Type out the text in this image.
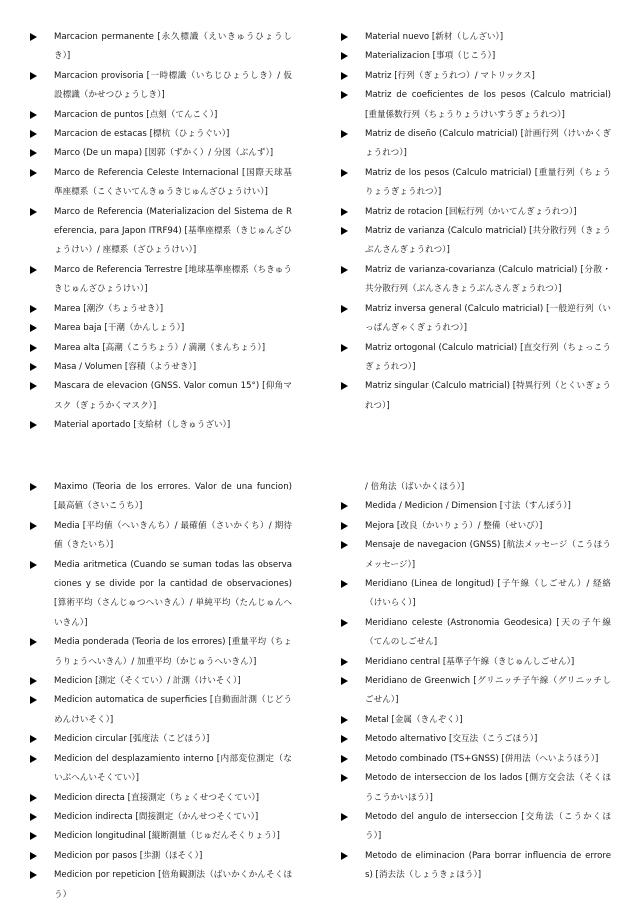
Marcacion permanente [永久標識（えいきゅうひょうしき）]
Marcacion provisoria [一時標識（いちじひょうしき）/ 仮設標識（かせつひょうしき）]
Marcacion de puntos [点刻（てんこく）]
Marcacion de estacas [標杭（ひょうぐい）]
Marco (De un mapa) [図郭（ずかく）/ 分図（ぶんず）]
Marco de Referencia Celeste Internacional [国際天球基準座標系（こくさいてんきゅうきじゅんざひょうけい）]
Marco de Referencia (Materializacion del Sistema de Referencia, para Japon ITRF94) [基準座標系（きじゅんざひょうけい）/ 座標系（ざひょうけい）]
Marco de Referencia Terrestre [地球基準座標系（ちきゅうきじゅんざひょうけい）]
Marea [潮汐（ちょうせき）]
Marea baja [干潮（かんしょう）]
Marea alta [高潮（こうちょう）/ 満潮（まんちょう）]
Masa / Volumen [容積（ようせき）]
Mascara de elevacion (GNSS. Valor comun 15°) [仰角マスク（ぎょうかくマスク）]
Material aportado [支給材（しきゅうざい）]
Material nuevo [新材（しんざい）]
Materializacion [事項（じこう）]
Matriz [行列（ぎょうれつ）/ マトリックス]
Matriz de coeficientes de los pesos (Calculo matricial) [重量係数行列（ちょうりょうけいすうぎょうれつ）]
Matriz de diseño (Calculo matricial) [計画行列（けいかくぎょうれつ）]
Matriz de los pesos (Calculo matricial) [重量行列（ちょうりょうぎょうれつ）]
Matriz de rotacion [回転行列（かいてんぎょうれつ）]
Matriz de varianza (Calculo matricial) [共分散行列（きょうぶんさんぎょうれつ）]
Matriz de varianza-covarianza (Calculo matricial) [分散・共分散行列（ぶんさんきょうぶんさんぎょうれつ）]
Matriz inversa general (Calculo matricial) [一般逆行列（いっぱんぎゃくぎょうれつ）]
Matriz ortogonal (Calculo matricial) [直交行列（ちょっこうぎょうれつ）]
Matriz singular (Calculo matricial) [特異行列（とくいぎょうれつ）]
Maximo (Teoria de los errores. Valor de una funcion) [最高値（さいこうち）]
Media [平均値（へいきんち）/ 最確値（さいかくち）/ 期待値（きたいち）]
Media aritmetica (Cuando se suman todas las observaciones y se divide por la cantidad de observaciones) [算術平均（さんじゅつへいきん）/ 単純平均（たんじゅんへいきん）]
Media ponderada (Teoria de los errores) [重量平均（ちょうりょうへいきん）/ 加重平均（かじゅうへいきん）]
Medicion [測定（そくてい）/ 計測（けいそく）]
Medicion automatica de superficies [自動面計測（じどうめんけいそく）]
Medicion circular [弧度法（こどほう）]
Medicion del desplazamiento interno [内部変位測定（ないぶへんいそくてい）]
Medicion directa [直接測定（ちょくせつそくてい）]
Medicion indirecta [間接測定（かんせつそくてい）]
Medicion longitudinal [縦断測量（じゅだんそくりょう）]
Medicion por pasos [歩測（ほそく）]
Medicion por repeticion [倍角観測法（ばいかくかんそくほう）
/ 倍角法（ばいかくほう）]
Medida / Medicion / Dimension [寸法（すんぽう）]
Mejora [改良（かいりょう）/ 整備（せいび）]
Mensaje de navegacion (GNSS) [航法メッセージ（こうほうメッセージ）]
Meridiano (Linea de longitud) [子午線（しごせん）/ 経絡（けいらく）]
Meridiano celeste (Astronomia Geodesica) [天の子午線（てんのしごせん]
Meridiano central [基準子午線（きじゅんしごせん）]
Meridiano de Greenwich [グリニッチ子午線（グリニッチしごせん）]
Metal [金属（きんぞく）]
Metodo alternativo [交互法（こうごほう）]
Metodo combinado (TS+GNSS) [併用法（へいようほう）]
Metodo de interseccion de los lados [側方交会法（そくほうこうかいほう）]
Metodo del angulo de interseccion [交角法（こうかくほう）]
Metodo de eliminacion (Para borrar influencia de errores) [消去法（しょうきょほう）]
